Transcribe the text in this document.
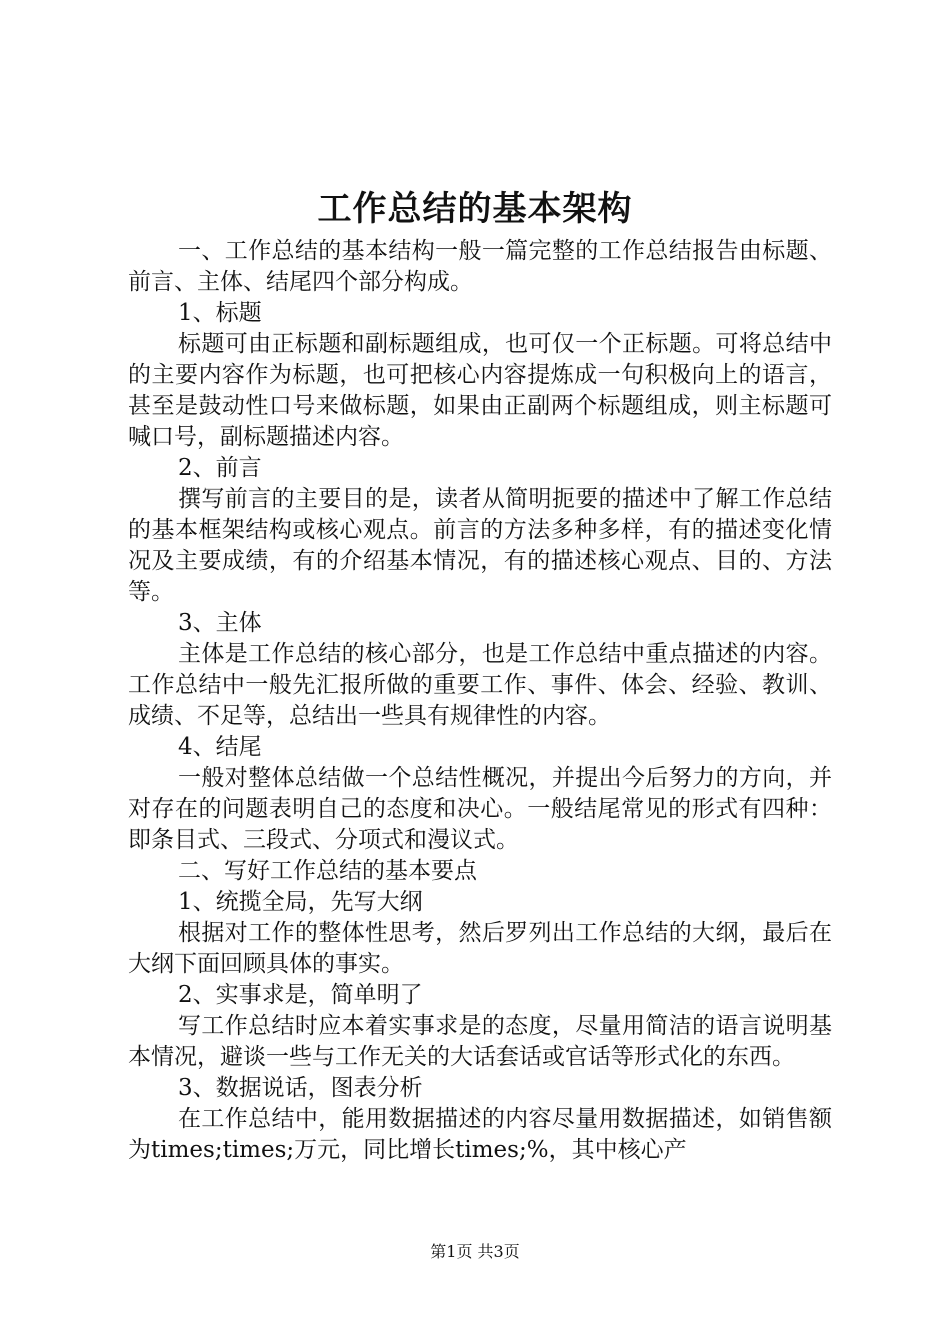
工作总结的基本架构

一、工作总结的基本结构一般一篇完整的工作总结报告由标题、前言、主体、结尾四个部分构成。

1、标题

标题可由正标题和副标题组成，也可仅一个正标题。可将总结中的主要内容作为标题，也可把核心内容提炼成一句积极向上的语言，甚至是鼓动性口号来做标题，如果由正副两个标题组成，则主标题可喊口号，副标题描述内容。

2、前言

撰写前言的主要目的是，读者从简明扼要的描述中了解工作总结的基本框架结构或核心观点。前言的方法多种多样，有的描述变化情况及主要成绩，有的介绍基本情况，有的描述核心观点、目的、方法等。

3、主体

主体是工作总结的核心部分，也是工作总结中重点描述的内容。工作总结中一般先汇报所做的重要工作、事件、体会、经验、教训、成绩、不足等，总结出一些具有规律性的内容。

4、结尾

一般对整体总结做一个总结性概况，并提出今后努力的方向，并对存在的问题表明自己的态度和决心。一般结尾常见的形式有四种：即条目式、三段式、分项式和漫议式。

二、写好工作总结的基本要点

1、统揽全局，先写大纲

根据对工作的整体性思考，然后罗列出工作总结的大纲，最后在大纲下面回顾具体的事实。

2、实事求是，简单明了

写工作总结时应本着实事求是的态度，尽量用简洁的语言说明基本情况，避谈一些与工作无关的大话套话或官话等形式化的东西。

3、数据说话，图表分析

在工作总结中，能用数据描述的内容尽量用数据描述，如销售额为times;times;万元，同比增长times;%，其中核心产

第1页 共3页
